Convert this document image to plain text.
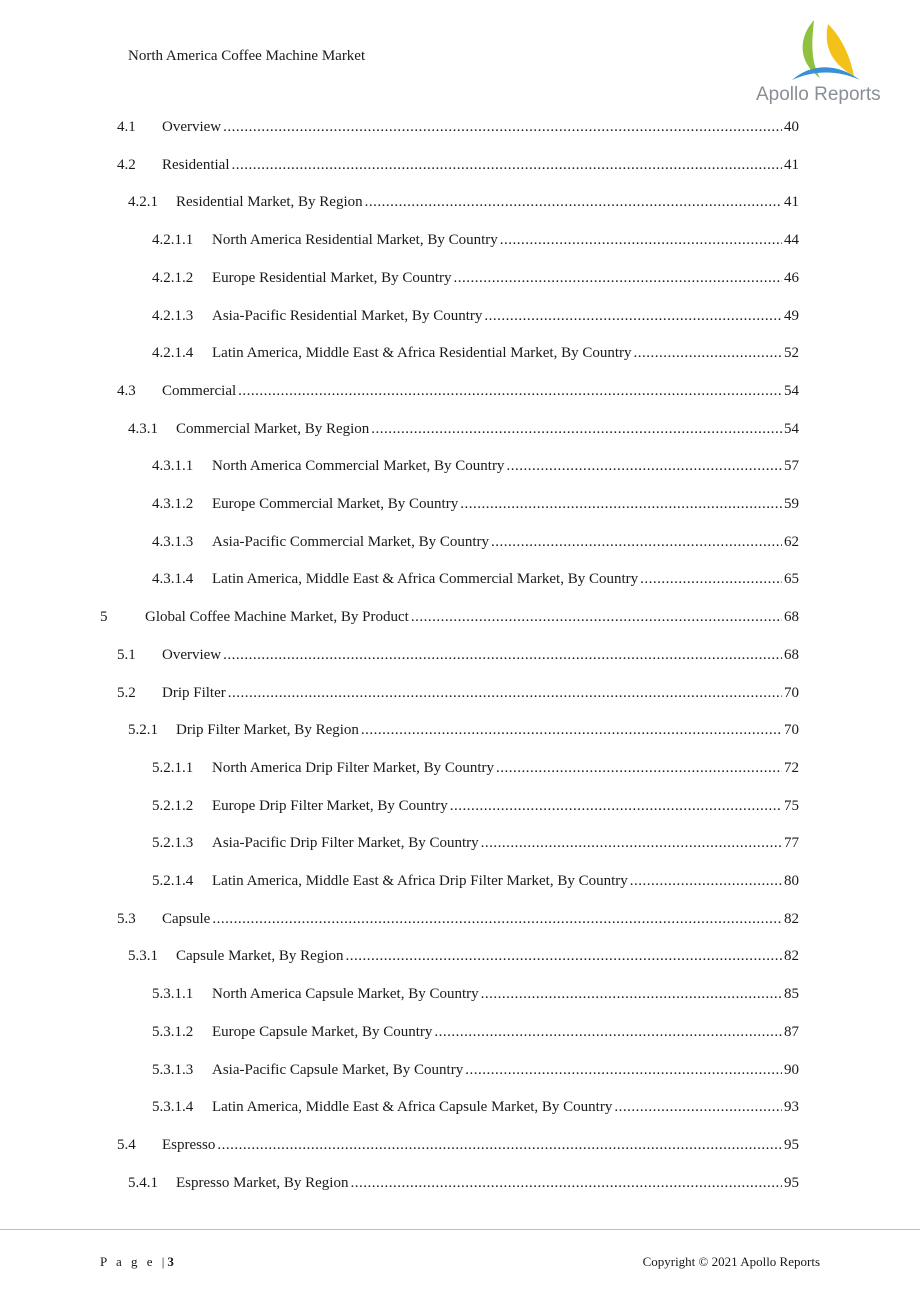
North America Coffee Machine Market
Apollo Reports
4.1	Overview .....	40
4.2	Residential .....	41
4.2.1	Residential Market, By Region .....	41
4.2.1.1	North America Residential Market, By Country .....	44
4.2.1.2	Europe Residential Market, By Country .....	46
4.2.1.3	Asia-Pacific Residential Market, By Country .....	49
4.2.1.4	Latin America, Middle East & Africa Residential Market, By Country .....	52
4.3	Commercial .....	54
4.3.1	Commercial Market, By Region .....	54
4.3.1.1	North America Commercial Market, By Country .....	57
4.3.1.2	Europe Commercial Market, By Country .....	59
4.3.1.3	Asia-Pacific Commercial Market, By Country .....	62
4.3.1.4	Latin America, Middle East & Africa Commercial Market, By Country .....	65
5	Global Coffee Machine Market, By Product .....	68
5.1	Overview .....	68
5.2	Drip Filter .....	70
5.2.1	Drip Filter Market, By Region .....	70
5.2.1.1	North America Drip Filter Market, By Country .....	72
5.2.1.2	Europe Drip Filter Market, By Country .....	75
5.2.1.3	Asia-Pacific Drip Filter Market, By Country .....	77
5.2.1.4	Latin America, Middle East & Africa Drip Filter Market, By Country .....	80
5.3	Capsule .....	82
5.3.1	Capsule Market, By Region .....	82
5.3.1.1	North America Capsule Market, By Country .....	85
5.3.1.2	Europe Capsule Market, By Country .....	87
5.3.1.3	Asia-Pacific Capsule Market, By Country .....	90
5.3.1.4	Latin America, Middle East & Africa Capsule Market, By Country .....	93
5.4	Espresso .....	95
5.4.1	Espresso Market, By Region .....	95
P a g e |3	Copyright © 2021 Apollo Reports
